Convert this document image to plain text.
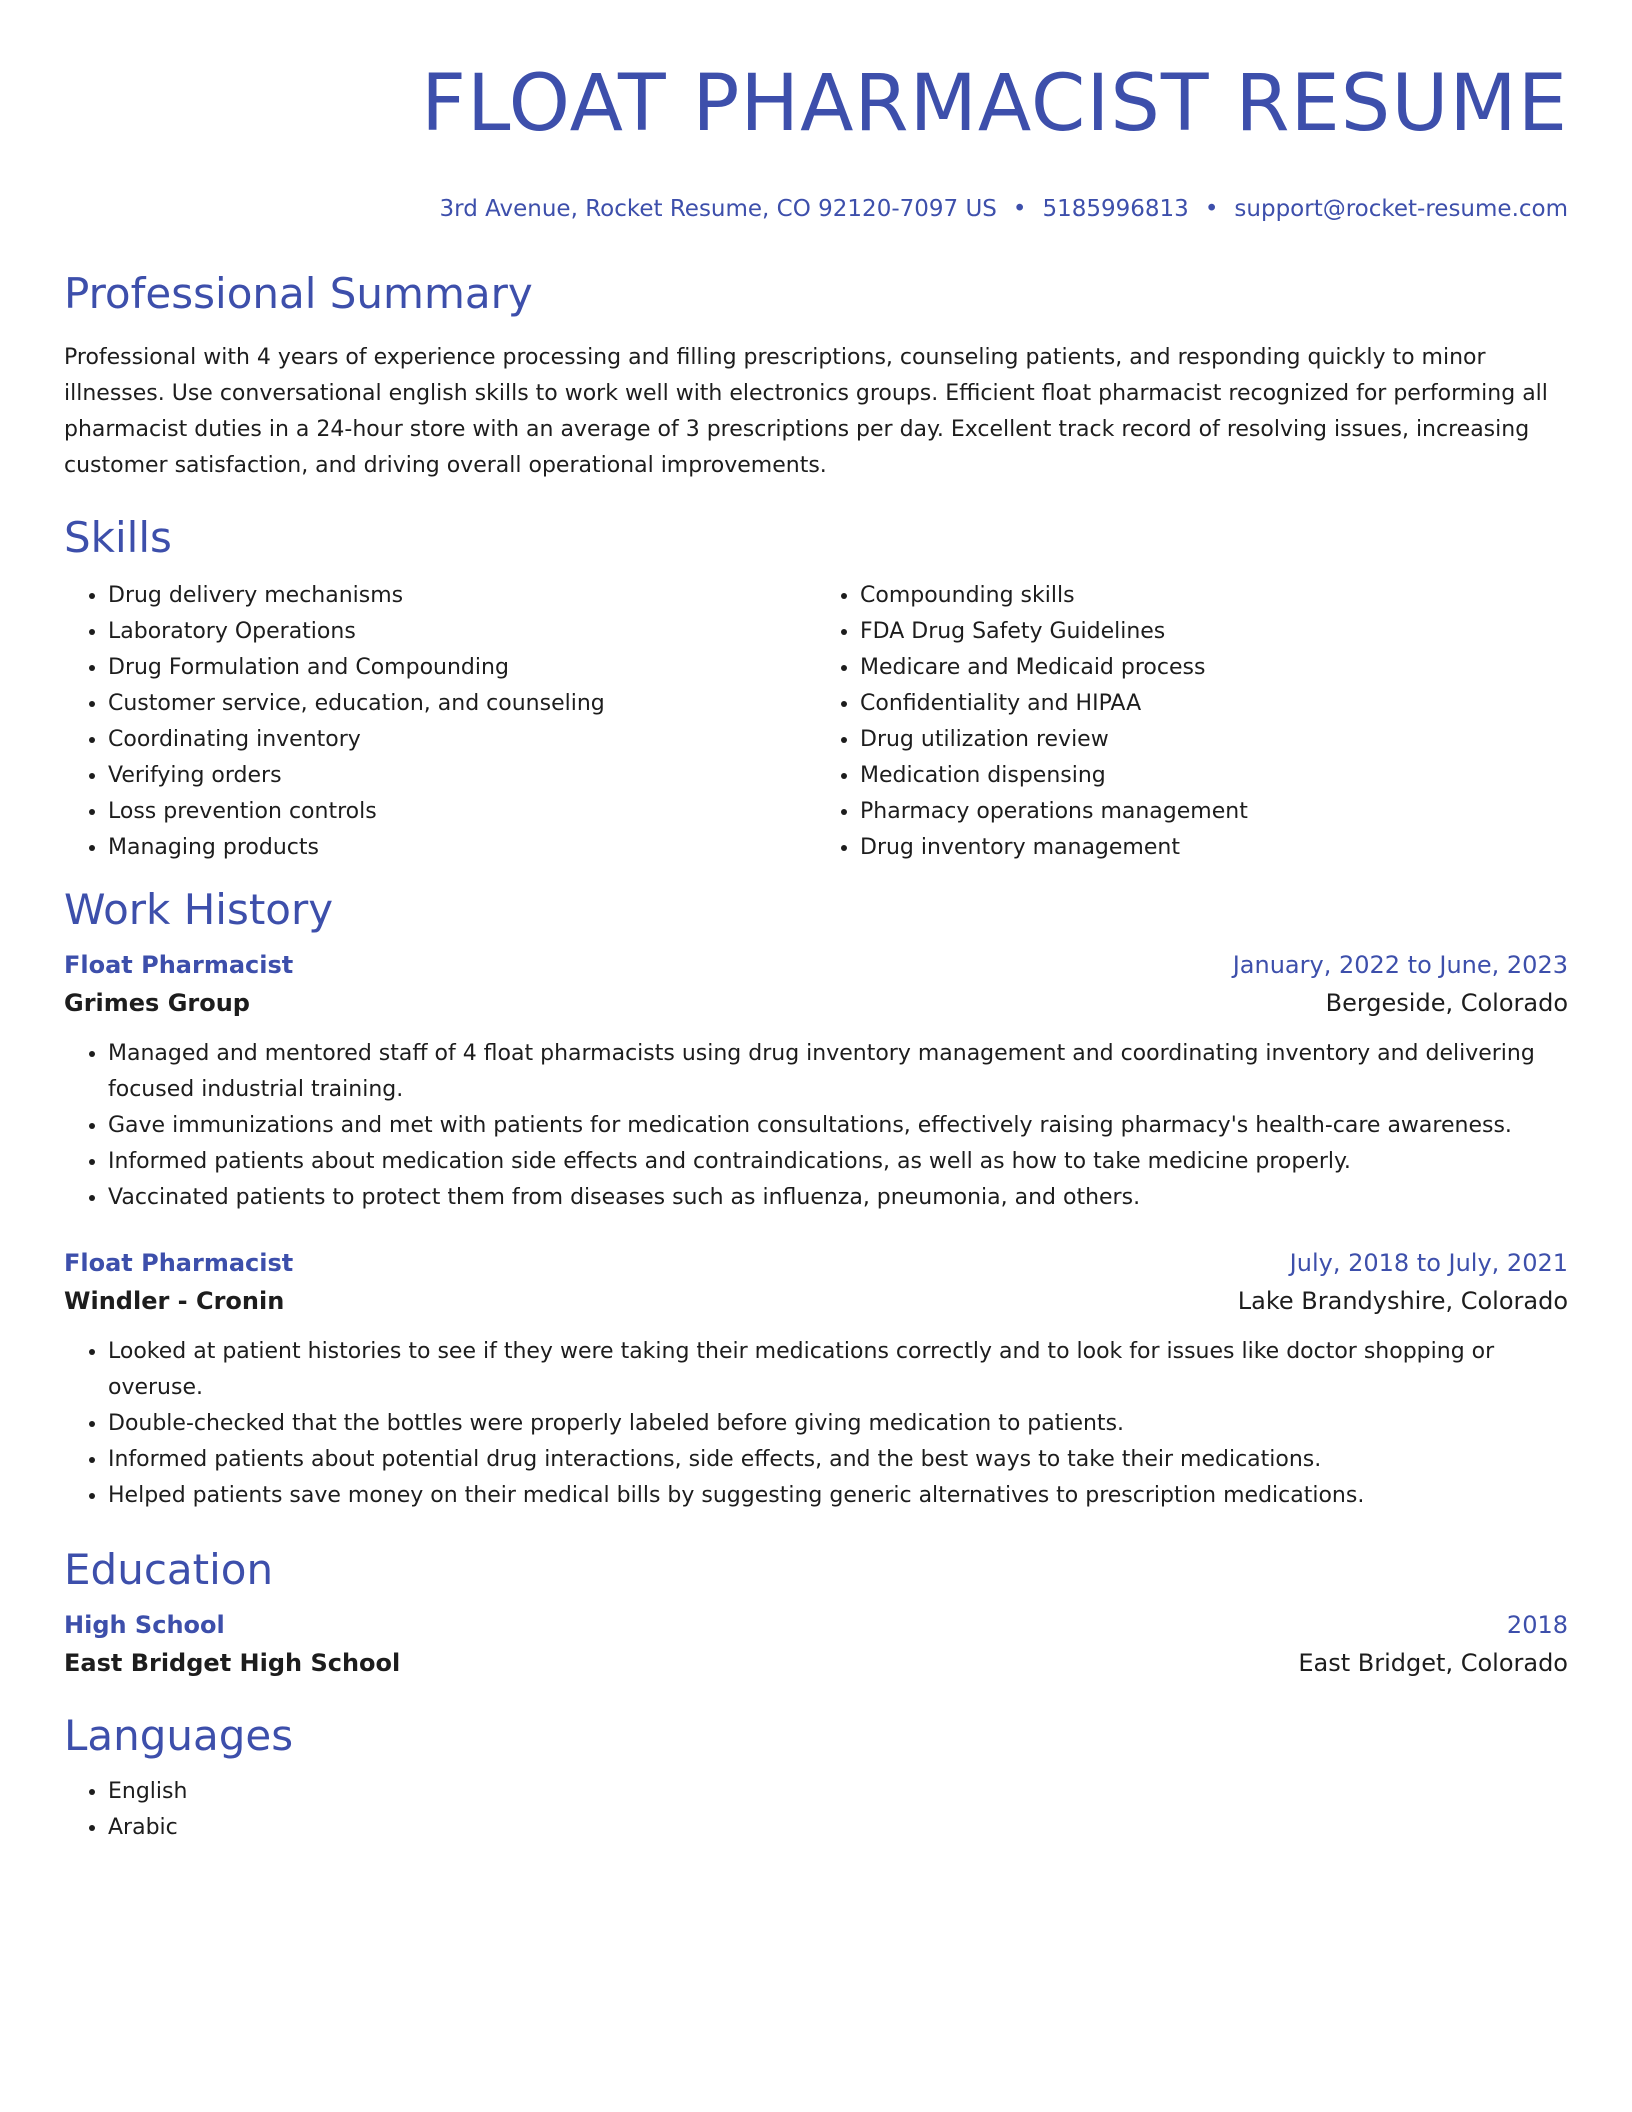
FLOAT PHARMACIST RESUME
3rd Avenue, Rocket Resume, CO 92120-7097 US • 5185996813 • support@rocket-resume.com
Professional Summary

Professional with 4 years of experience processing and filling prescriptions, counseling patients, and responding quickly to minor illnesses. Use conversational english skills to work well with electronics groups. Efficient float pharmacist recognized for performing all pharmacist duties in a 24-hour store with an average of 3 prescriptions per day. Excellent track record of resolving issues, increasing customer satisfaction, and driving overall operational improvements.

Skills
• Drug delivery mechanisms
• Laboratory Operations
• Drug Formulation and Compounding
• Customer service, education, and counseling
• Coordinating inventory
• Verifying orders
• Loss prevention controls
• Managing products
• Compounding skills
• FDA Drug Safety Guidelines
• Medicare and Medicaid process
• Confidentiality and HIPAA
• Drug utilization review
• Medication dispensing
• Pharmacy operations management
• Drug inventory management
Work History
Float Pharmacist	January, 2022 to June, 2023
Grimes Group	Bergeside, Colorado
• Managed and mentored staff of 4 float pharmacists using drug inventory management and coordinating inventory and delivering focused industrial training.
• Gave immunizations and met with patients for medication consultations, effectively raising pharmacy's health-care awareness.
• Informed patients about medication side effects and contraindications, as well as how to take medicine properly.
• Vaccinated patients to protect them from diseases such as influenza, pneumonia, and others.
Float Pharmacist	July, 2018 to July, 2021
Windler - Cronin	Lake Brandyshire, Colorado
• Looked at patient histories to see if they were taking their medications correctly and to look for issues like doctor shopping or overuse.
• Double-checked that the bottles were properly labeled before giving medication to patients.
• Informed patients about potential drug interactions, side effects, and the best ways to take their medications.
• Helped patients save money on their medical bills by suggesting generic alternatives to prescription medications.
Education
High School	2018
East Bridget High School	East Bridget, Colorado
Languages
• English
• Arabic
